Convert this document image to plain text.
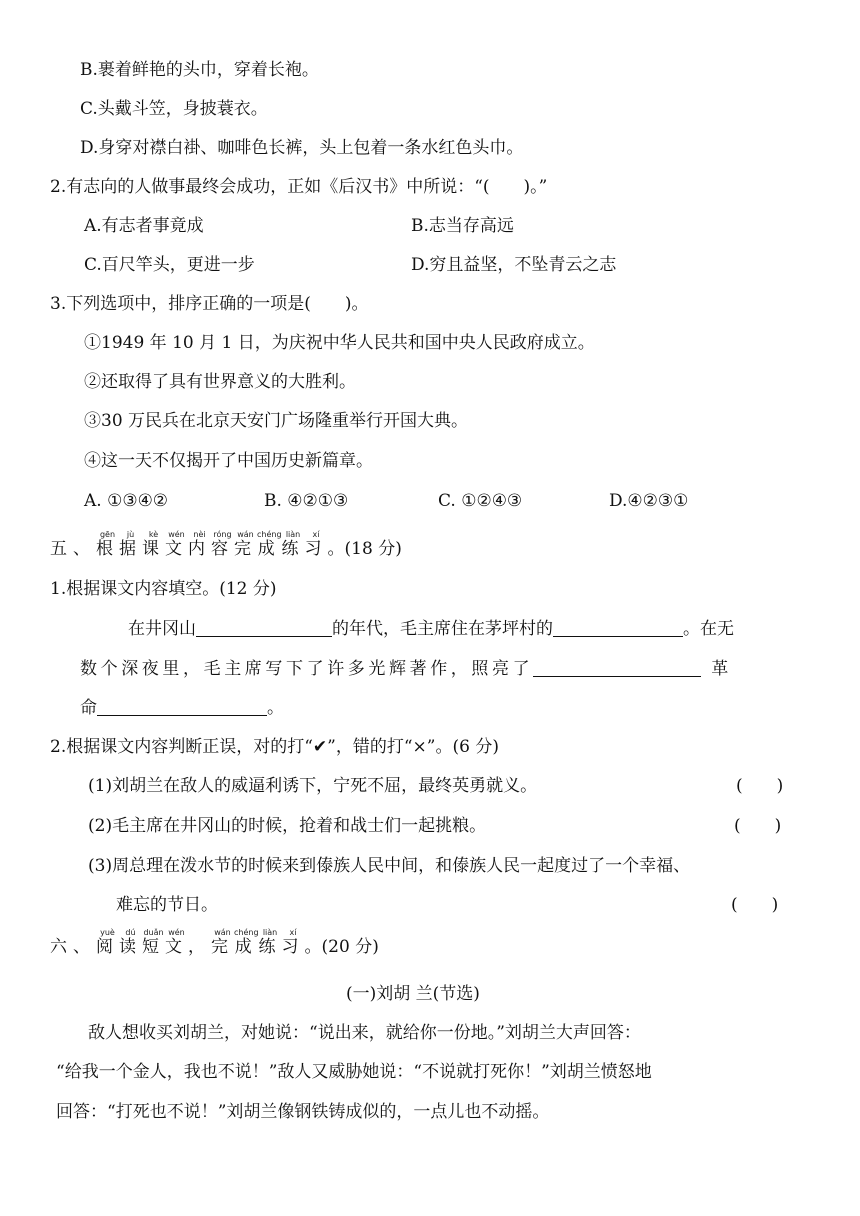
B.裹着鲜艳的头巾，穿着长袍。
C.头戴斗笠，身披蓑衣。
D.身穿对襟白褂、咖啡色长裤，头上包着一条水红色头巾。
2.有志向的人做事最终会成功，正如《后汉书》中所说：“(　　)。”
A.有志者事竟成	B.志当存高远
C.百尺竿头，更进一步	D.穷且益坚，不坠青云之志
3.下列选项中，排序正确的一项是(　　)。
①1949 年 10 月 1 日，为庆祝中华人民共和国中央人民政府成立。
②还取得了具有世界意义的大胜利。
③30 万民兵在北京天安门广场隆重举行开国大典。
④这一天不仅揭开了中国历史新篇章。
A. ①③④②	B. ④②①③	C. ①②④③	D.④②③①
五、根gēn据jù课kè文wén内nèi容róng完wán成chéng练liàn习xí。(18 分)
1.根据课文内容填空。(12 分)
在井冈山	的年代，毛主席住在茅坪村的	。在无
数个深夜里，毛主席写下了许多光辉著作，照亮了	革
命	。
2.根据课文内容判断正误，对的打“✔”，错的打“×”。(6 分)
(1)刘胡兰在敌人的威逼利诱下，宁死不屈，最终英勇就义。	(　　)
(2)毛主席在井冈山的时候，抢着和战士们一起挑粮。	(　　)
(3)周总理在泼水节的时候来到傣族人民中间，和傣族人民一起度过了一个幸福、
难忘的节日。	(　　)
六、阅yuè读dú短duǎn文wén，完wán成chéng练liàn习xí。(20 分)
(一)刘胡 兰(节选)
敌人想收买刘胡兰，对她说：“说出来，就给你一份地。”刘胡兰大声回答：
“给我一个金人，我也不说！”敌人又威胁她说：“不说就打死你！”刘胡兰愤怒地
回答：“打死也不说！”刘胡兰像钢铁铸成似的，一点儿也不动摇。
